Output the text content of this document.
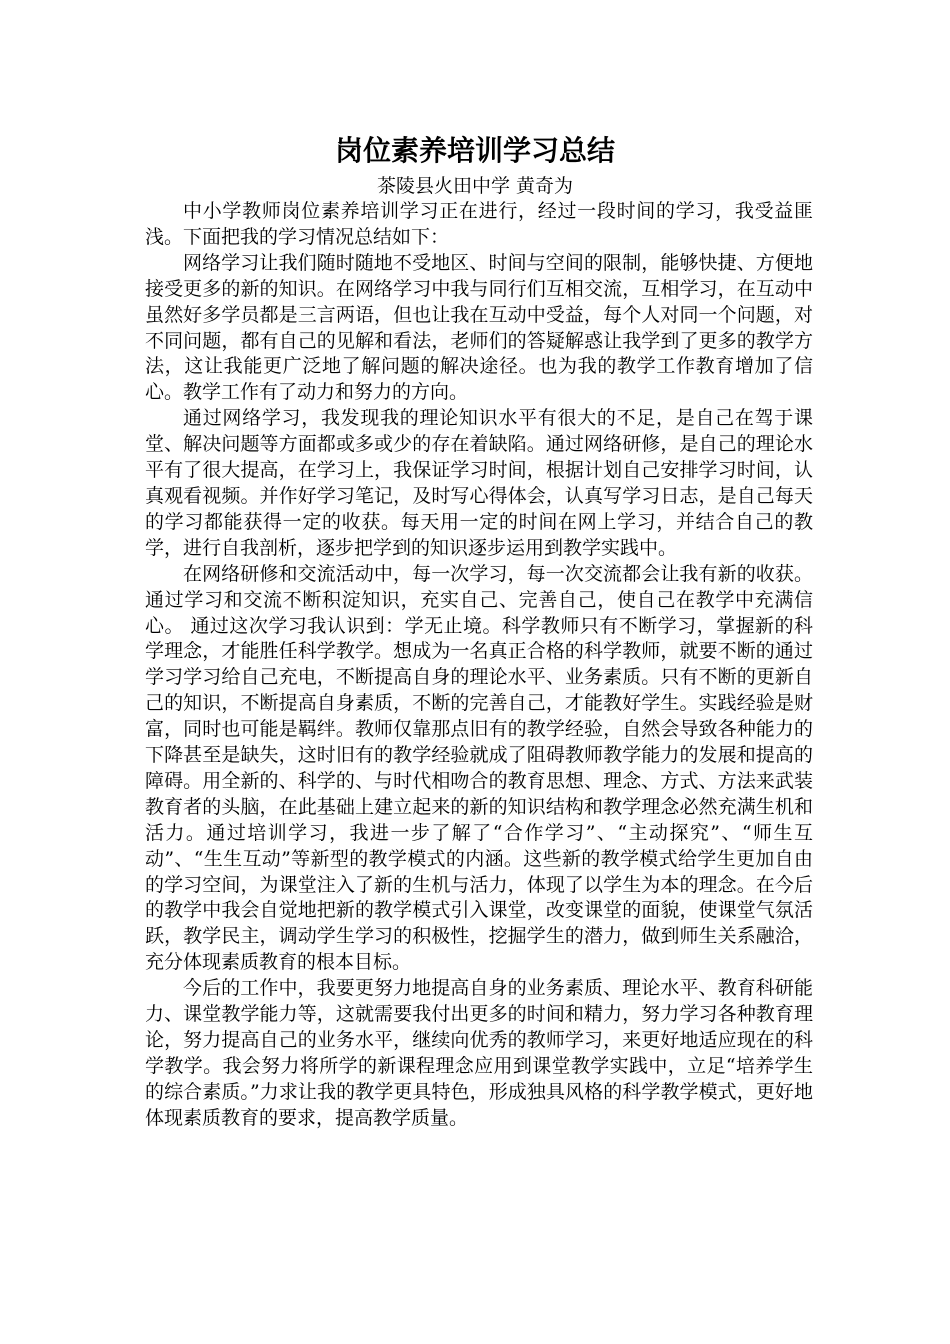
岗位素养培训学习总结
茶陵县火田中学 黄奇为

中小学教师岗位素养培训学习正在进行，经过一段时间的学习，我受益匪浅。下面把我的学习情况总结如下：

网络学习让我们随时随地不受地区、时间与空间的限制，能够快捷、方便地接受更多的新的知识。在网络学习中我与同行们互相交流，互相学习，在互动中虽然好多学员都是三言两语，但也让我在互动中受益，每个人对同一个问题，对不同问题，都有自己的见解和看法，老师们的答疑解惑让我学到了更多的教学方法，这让我能更广泛地了解问题的解决途径。也为我的教学工作教育增加了信心。教学工作有了动力和努力的方向。

通过网络学习，我发现我的理论知识水平有很大的不足，是自己在驾于课堂、解决问题等方面都或多或少的存在着缺陷。通过网络研修，是自己的理论水平有了很大提高，在学习上，我保证学习时间，根据计划自己安排学习时间，认真观看视频。并作好学习笔记，及时写心得体会，认真写学习日志，是自己每天的学习都能获得一定的收获。每天用一定的时间在网上学习，并结合自己的教学，进行自我剖析，逐步把学到的知识逐步运用到教学实践中。

在网络研修和交流活动中，每一次学习，每一次交流都会让我有新的收获。通过学习和交流不断积淀知识，充实自己、完善自己，使自己在教学中充满信心。 通过这次学习我认识到：学无止境。科学教师只有不断学习，掌握新的科学理念，才能胜任科学教学。想成为一名真正合格的科学教师，就要不断的通过学习学习给自己充电，不断提高自身的理论水平、业务素质。只有不断的更新自己的知识，不断提高自身素质，不断的完善自己，才能教好学生。实践经验是财富，同时也可能是羁绊。教师仅靠那点旧有的教学经验，自然会导致各种能力的下降甚至是缺失，这时旧有的教学经验就成了阻碍教师教学能力的发展和提高的障碍。用全新的、科学的、与时代相吻合的教育思想、理念、方式、方法来武装教育者的头脑，在此基础上建立起来的新的知识结构和教学理念必然充满生机和活力。通过培训学习，我进一步了解了“合作学习”、“主动探究”、“师生互动”、“生生互动”等新型的教学模式的内涵。这些新的教学模式给学生更加自由的学习空间，为课堂注入了新的生机与活力，体现了以学生为本的理念。在今后的教学中我会自觉地把新的教学模式引入课堂，改变课堂的面貌，使课堂气氛活跃，教学民主，调动学生学习的积极性，挖掘学生的潜力，做到师生关系融洽，充分体现素质教育的根本目标。

今后的工作中，我要更努力地提高自身的业务素质、理论水平、教育科研能力、课堂教学能力等，这就需要我付出更多的时间和精力，努力学习各种教育理论，努力提高自己的业务水平，继续向优秀的教师学习，来更好地适应现在的科学教学。我会努力将所学的新课程理念应用到课堂教学实践中，立足“培养学生的综合素质。”力求让我的教学更具特色，形成独具风格的科学教学模式，更好地体现素质教育的要求，提高教学质量。
